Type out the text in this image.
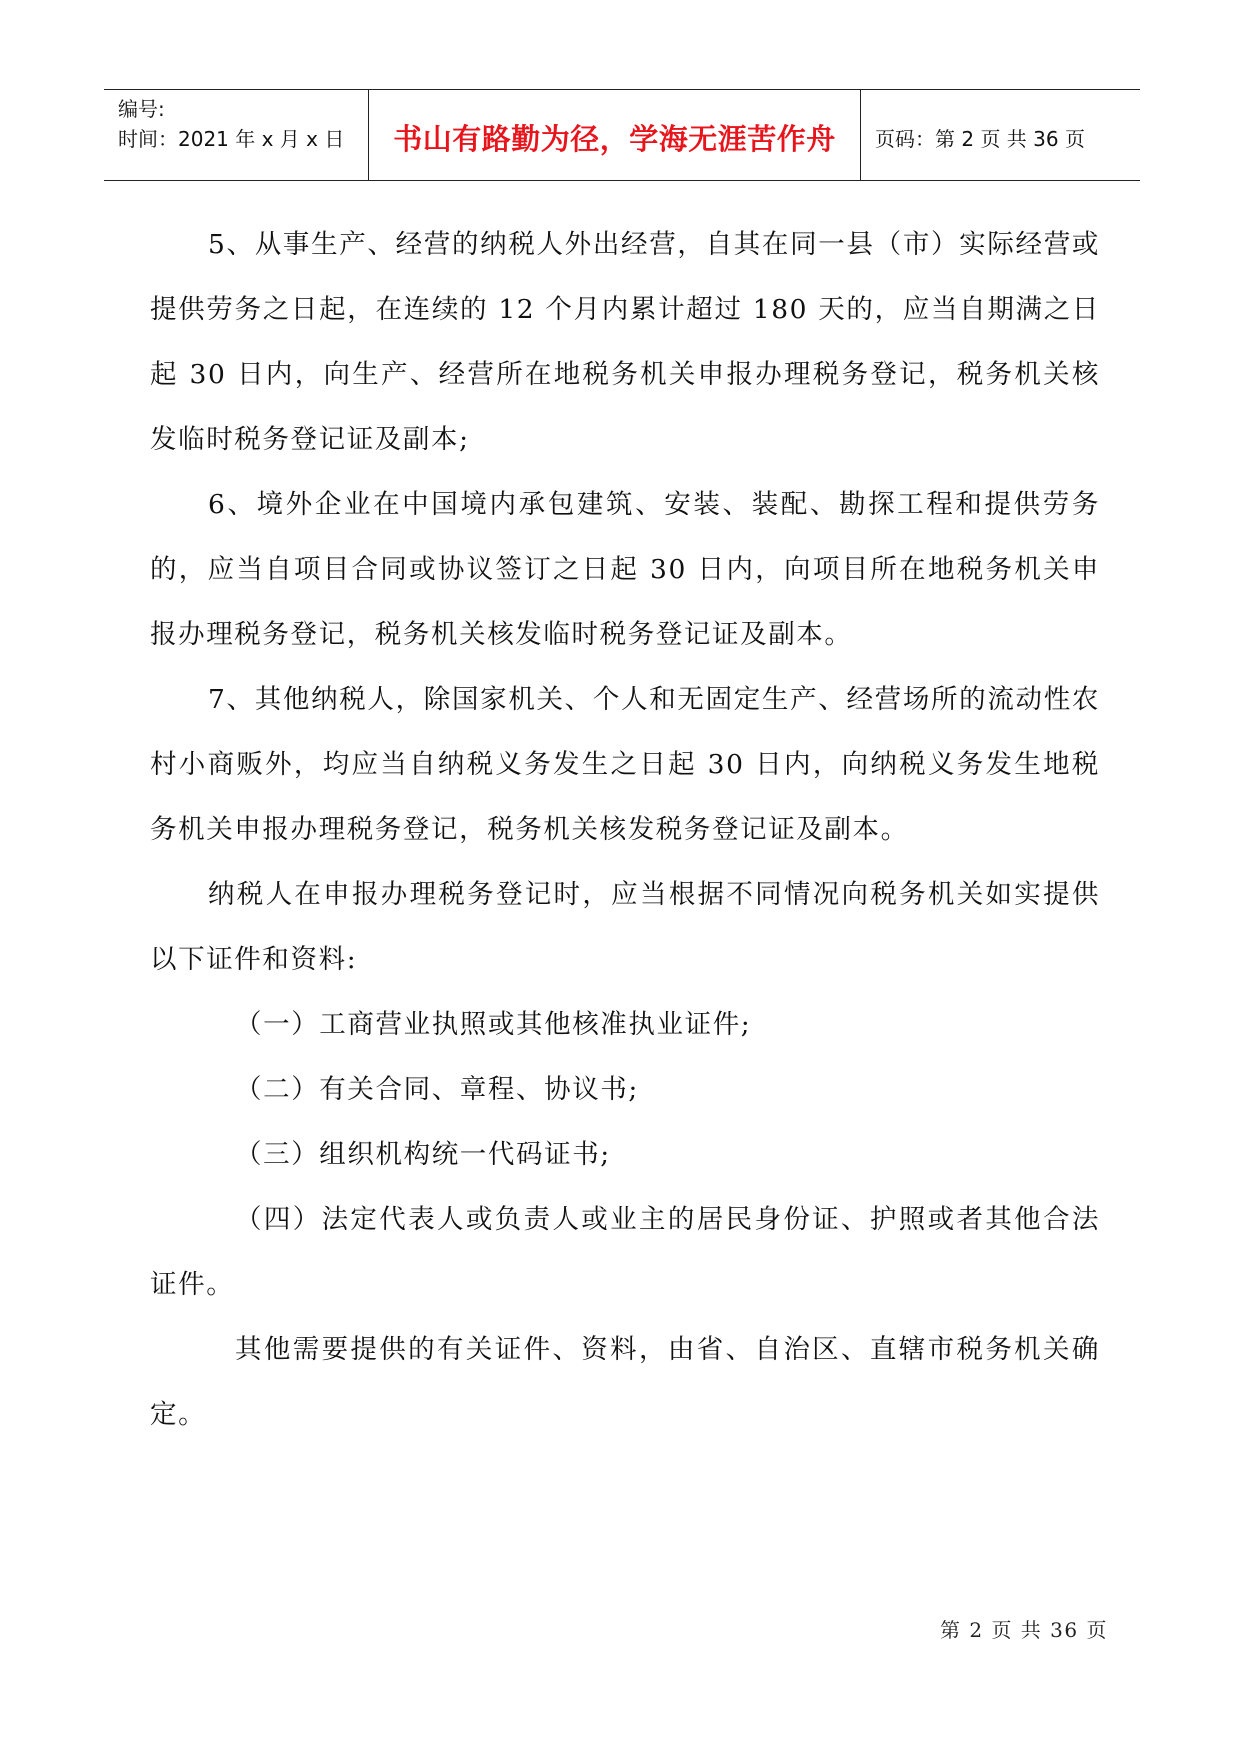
编号:
时间：2021 年 x 月 x 日	书山有路勤为径，学海无涯苦作舟	页码：第 2 页 共 36 页

5、从事生产、经营的纳税人外出经营，自其在同一县（市）实际经营或提供劳务之日起，在连续的 12 个月内累计超过 180 天的，应当自期满之日起 30 日内，向生产、经营所在地税务机关申报办理税务登记，税务机关核发临时税务登记证及副本;

6、境外企业在中国境内承包建筑、安装、装配、勘探工程和提供劳务的，应当自项目合同或协议签订之日起 30 日内，向项目所在地税务机关申报办理税务登记，税务机关核发临时税务登记证及副本。

7、其他纳税人，除国家机关、个人和无固定生产、经营场所的流动性农村小商贩外，均应当自纳税义务发生之日起 30 日内，向纳税义务发生地税务机关申报办理税务登记，税务机关核发税务登记证及副本。

纳税人在申报办理税务登记时，应当根据不同情况向税务机关如实提供以下证件和资料:

（一）工商营业执照或其他核准执业证件;

（二）有关合同、章程、协议书;

（三）组织机构统一代码证书;

（四）法定代表人或负责人或业主的居民身份证、护照或者其他合法证件。

其他需要提供的有关证件、资料，由省、自治区、直辖市税务机关确定。

第 2 页 共 36 页
